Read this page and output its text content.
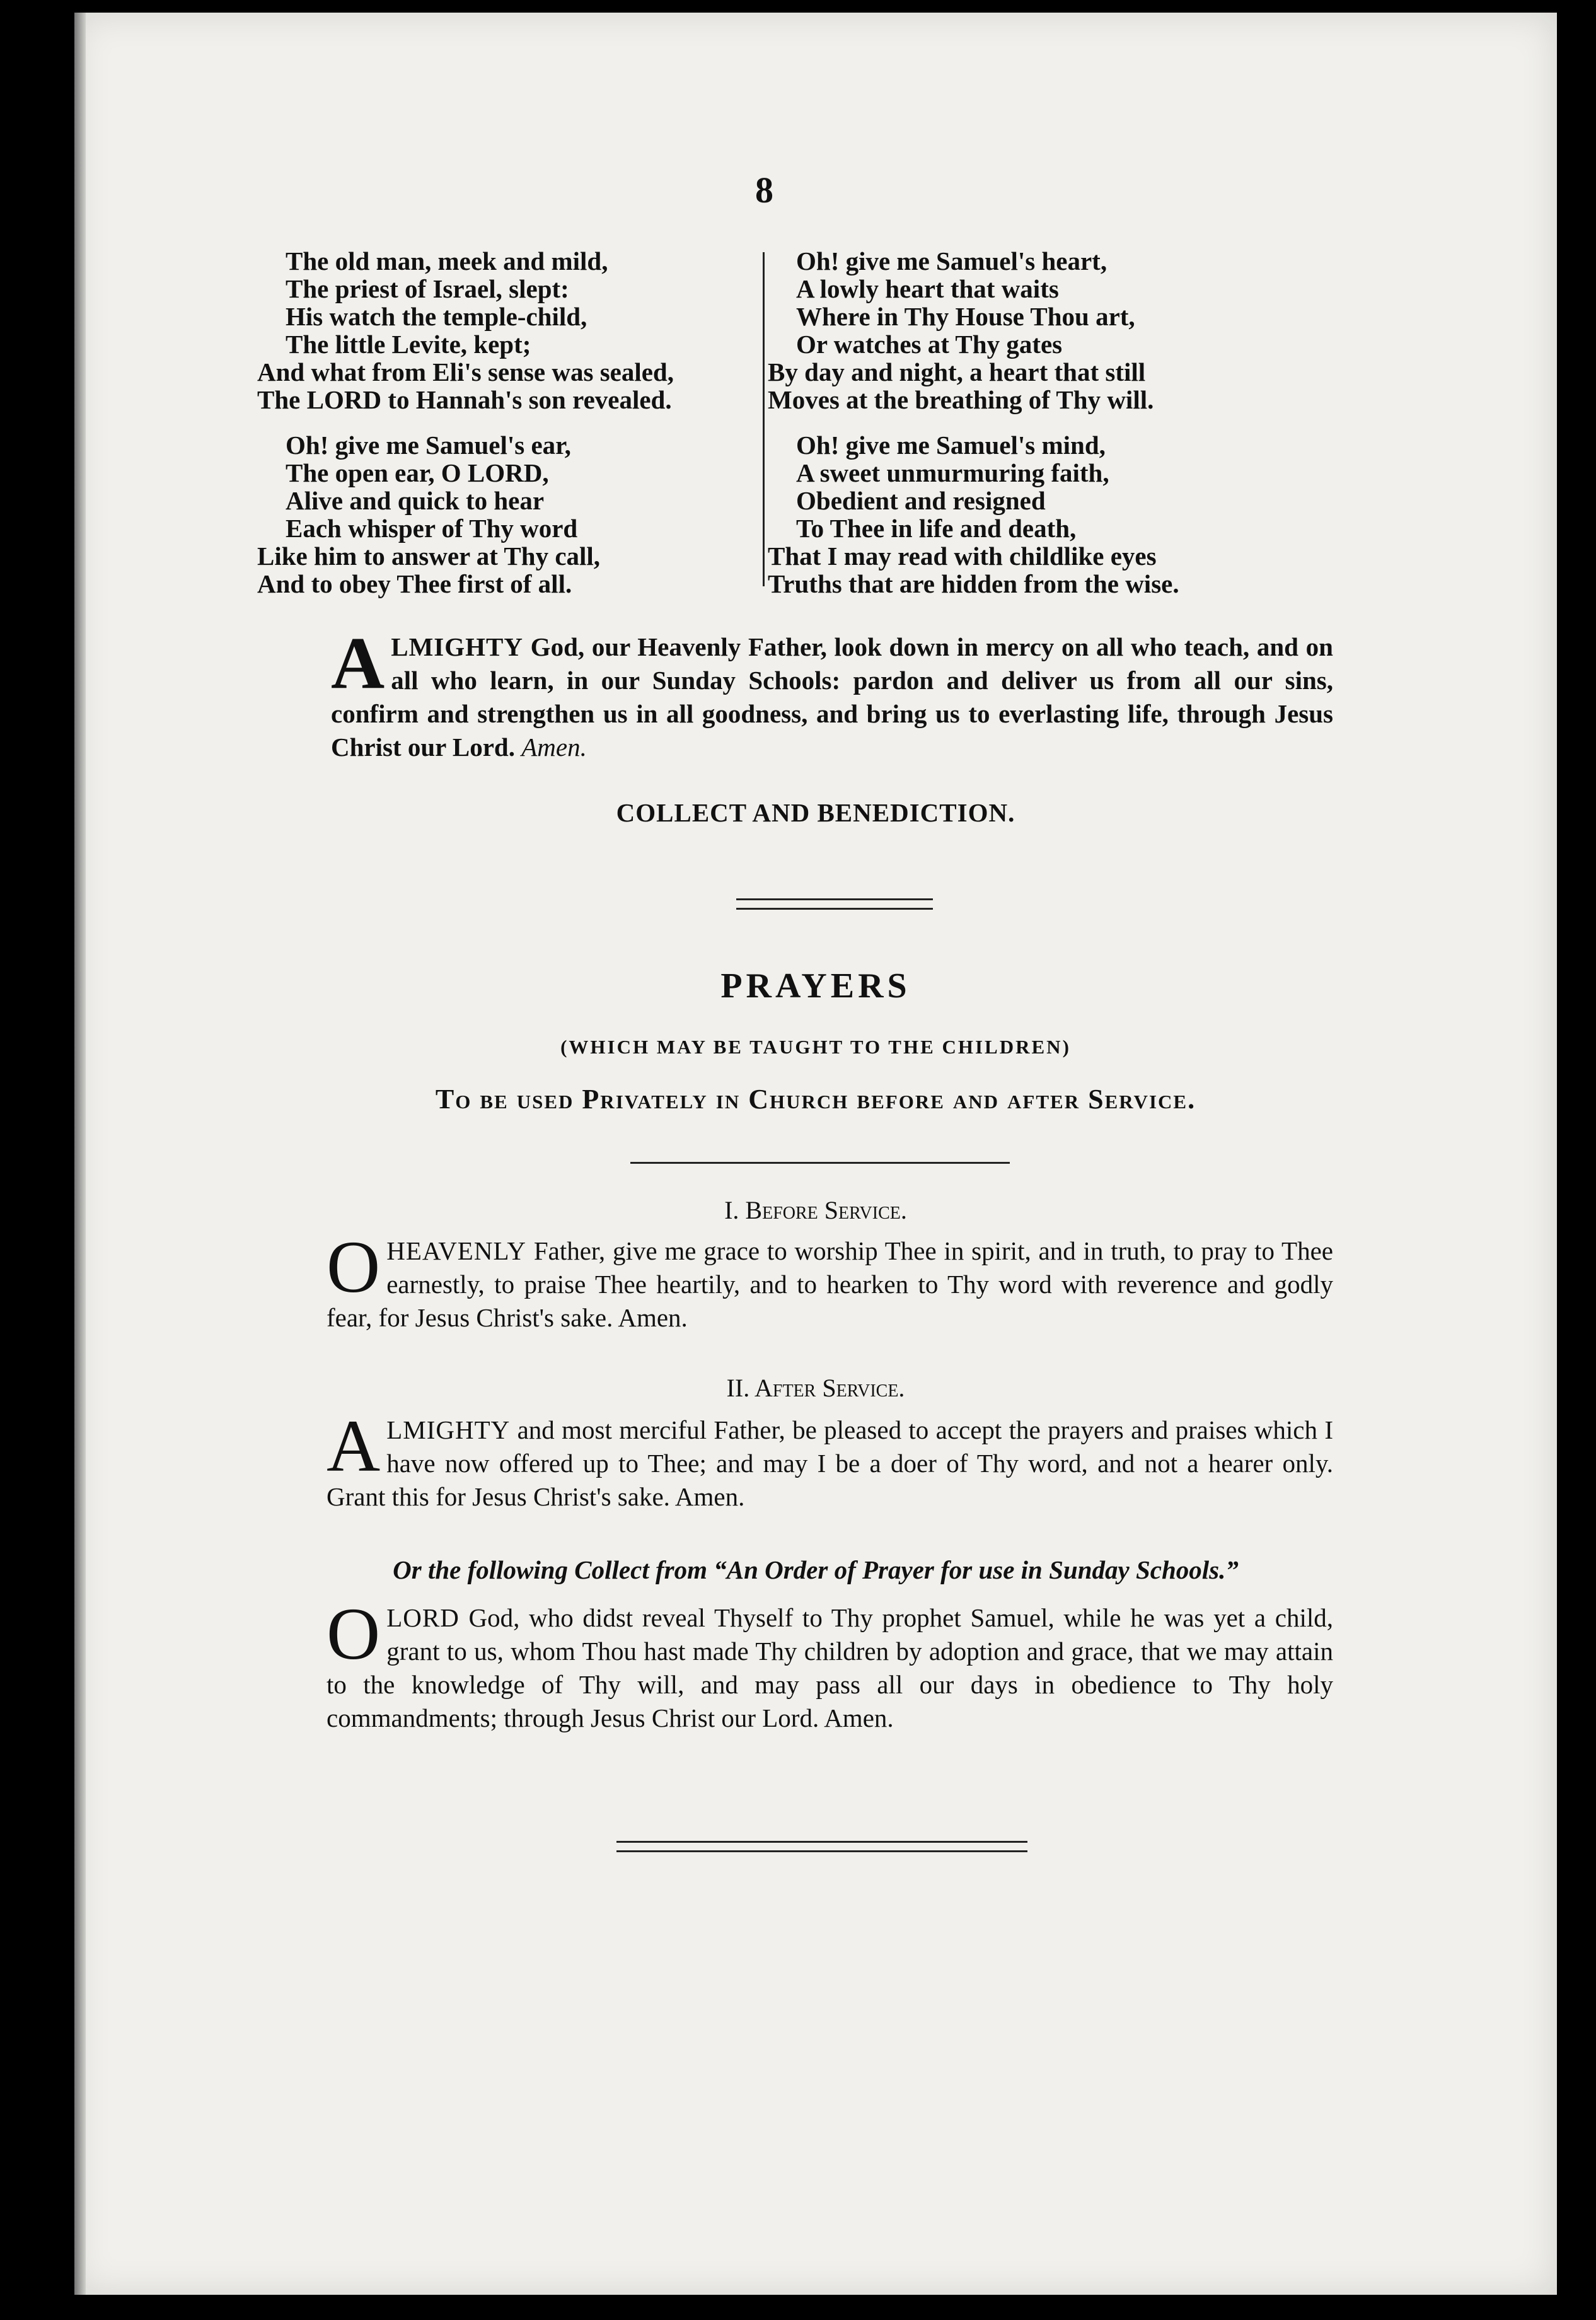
8
The old man, meek and mild,
The priest of Israel, slept:
His watch the temple-child,
The little Levite, kept;
And what from Eli's sense was sealed,
The LORD to Hannah's son revealed.
Oh! give me Samuel's ear,
The open ear, O LORD,
Alive and quick to hear
Each whisper of Thy word
Like him to answer at Thy call,
And to obey Thee first of all.
Oh! give me Samuel's heart,
A lowly heart that waits
Where in Thy House Thou art,
Or watches at Thy gates
By day and night, a heart that still
Moves at the breathing of Thy will.
Oh! give me Samuel's mind,
A sweet unmurmuring faith,
Obedient and resigned
To Thee in life and death,
That I may read with childlike eyes
Truths that are hidden from the wise.
ALMIGHTY God, our Heavenly Father, look down in mercy on all who teach, and on all who learn, in our Sunday Schools: pardon and deliver us from all our sins, confirm and strengthen us in all goodness, and bring us to everlasting life, through Jesus Christ our Lord. Amen.
COLLECT AND BENEDICTION.
PRAYERS
(WHICH MAY BE TAUGHT TO THE CHILDREN)
To be used Privately in Church before and after Service.
I. Before Service.
OHEAVENLY Father, give me grace to worship Thee in spirit, and in truth, to pray to Thee earnestly, to praise Thee heartily, and to hearken to Thy word with reverence and godly fear, for Jesus Christ's sake. Amen.
II. After Service.
ALMIGHTY and most merciful Father, be pleased to accept the prayers and praises which I have now offered up to Thee; and may I be a doer of Thy word, and not a hearer only. Grant this for Jesus Christ's sake. Amen.
Or the following Collect from “An Order of Prayer for use in Sunday Schools.”
OLORD God, who didst reveal Thyself to Thy prophet Samuel, while he was yet a child, grant to us, whom Thou hast made Thy children by adoption and grace, that we may attain to the knowledge of Thy will, and may pass all our days in obedience to Thy holy commandments; through Jesus Christ our Lord. Amen.
